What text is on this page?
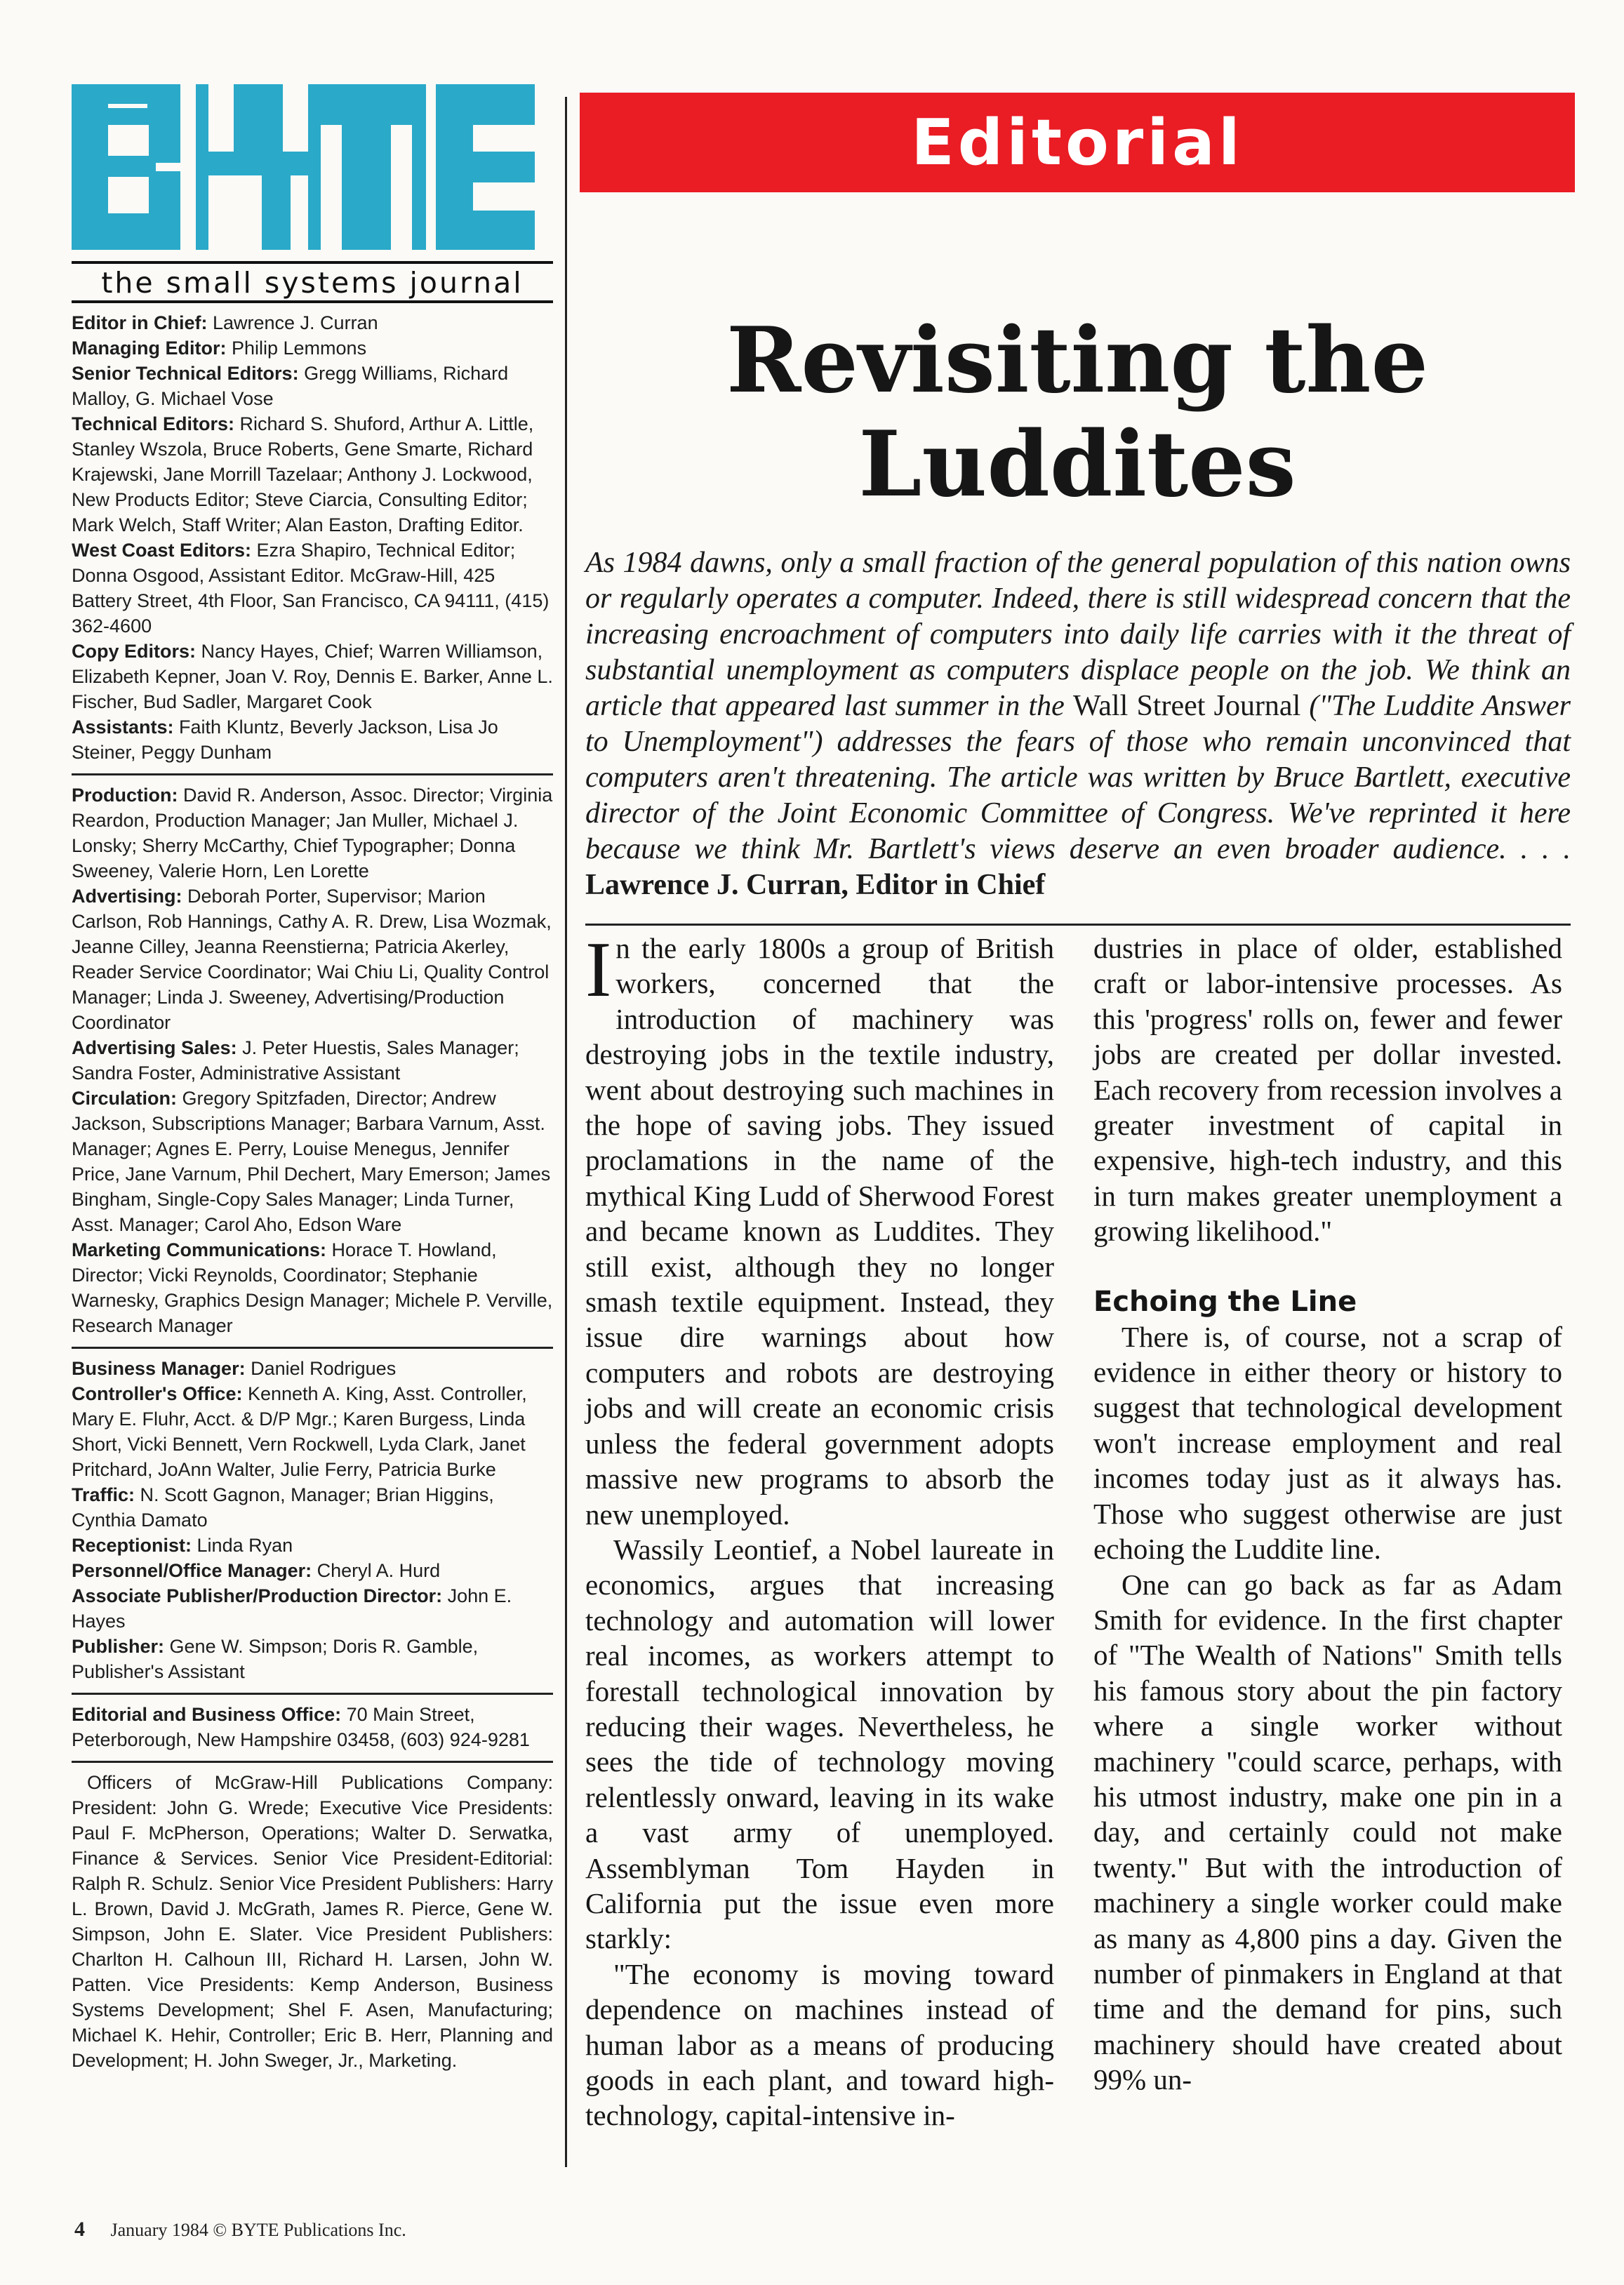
the small systems journal

Editor in Chief: Lawrence J. Curran

Managing Editor: Philip Lemmons

Senior Technical Editors: Gregg Williams, Richard Malloy, G. Michael Vose

Technical Editors: Richard S. Shuford, Arthur A. Little, Stanley Wszola, Bruce Roberts, Gene Smarte, Richard Krajewski, Jane Morrill Tazelaar; Anthony J. Lockwood, New Products Editor; Steve Ciarcia, Consulting Editor; Mark Welch, Staff Writer; Alan Easton, Drafting Editor.

West Coast Editors: Ezra Shapiro, Technical Editor; Donna Osgood, Assistant Editor. McGraw-Hill, 425 Battery Street, 4th Floor, San Francisco, CA 94111, (415) 362-4600

Copy Editors: Nancy Hayes, Chief; Warren Williamson, Elizabeth Kepner, Joan V. Roy, Dennis E. Barker, Anne L. Fischer, Bud Sadler, Margaret Cook

Assistants: Faith Kluntz, Beverly Jackson, Lisa Jo Steiner, Peggy Dunham

Production: David R. Anderson, Assoc. Director; Virginia Reardon, Production Manager; Jan Muller, Michael J. Lonsky; Sherry McCarthy, Chief Typographer; Donna Sweeney, Valerie Horn, Len Lorette

Advertising: Deborah Porter, Supervisor; Marion Carlson, Rob Hannings, Cathy A. R. Drew, Lisa Wozmak, Jeanne Cilley, Jeanna Reenstierna; Patricia Akerley, Reader Service Coordinator; Wai Chiu Li, Quality Control Manager; Linda J. Sweeney, Advertising/Production Coordinator

Advertising Sales: J. Peter Huestis, Sales Manager; Sandra Foster, Administrative Assistant

Circulation: Gregory Spitzfaden, Director; Andrew Jackson, Subscriptions Manager; Barbara Varnum, Asst. Manager; Agnes E. Perry, Louise Menegus, Jennifer Price, Jane Varnum, Phil Dechert, Mary Emerson; James Bingham, Single-Copy Sales Manager; Linda Turner, Asst. Manager; Carol Aho, Edson Ware

Marketing Communications: Horace T. Howland, Director; Vicki Reynolds, Coordinator; Stephanie Warnesky, Graphics Design Manager; Michele P. Verville, Research Manager

Business Manager: Daniel Rodrigues

Controller's Office: Kenneth A. King, Asst. Controller, Mary E. Fluhr, Acct. & D/P Mgr.; Karen Burgess, Linda Short, Vicki Bennett, Vern Rockwell, Lyda Clark, Janet Pritchard, JoAnn Walter, Julie Ferry, Patricia Burke

Traffic: N. Scott Gagnon, Manager; Brian Higgins, Cynthia Damato

Receptionist: Linda Ryan

Personnel/Office Manager: Cheryl A. Hurd

Associate Publisher/Production Director: John E. Hayes

Publisher: Gene W. Simpson; Doris R. Gamble, Publisher's Assistant

Editorial and Business Office: 70 Main Street, Peterborough, New Hampshire 03458, (603) 924-9281

Officers of McGraw-Hill Publications Company: President: John G. Wrede; Executive Vice Presidents: Paul F. McPherson, Operations; Walter D. Serwatka, Finance & Services. Senior Vice President-Editorial: Ralph R. Schulz. Senior Vice President Publishers: Harry L. Brown, David J. McGrath, James R. Pierce, Gene W. Simpson, John E. Slater. Vice President Publishers: Charlton H. Calhoun III, Richard H. Larsen, John W. Patten. Vice Presidents: Kemp Anderson, Business Systems Development; Shel F. Asen, Manufacturing; Michael K. Hehir, Controller; Eric B. Herr, Planning and Development; H. John Sweger, Jr., Marketing.
Editorial
Revisiting the
Luddites
As 1984 dawns, only a small fraction of the general population of this nation owns or regularly operates a computer. Indeed, there is still widespread concern that the increasing encroachment of computers into daily life carries with it the threat of substantial unemployment as computers displace people on the job. We think an article that appeared last summer in the Wall Street Journal ("The Luddite Answer to Unemployment") addresses the fears of those who remain unconvinced that computers aren't threatening. The article was written by Bruce Bartlett, executive director of the Joint Economic Committee of Congress. We've reprinted it here because we think Mr. Bartlett's views deserve an even broader audience. . . . Lawrence J. Curran, Editor in Chief

In the early 1800s a group of British workers, concerned that the introduction of machinery was destroying jobs in the textile industry, went about destroying such machines in the hope of saving jobs. They issued proclamations in the name of the mythical King Ludd of Sherwood Forest and became known as Luddites. They still exist, although they no longer smash textile equipment. Instead, they issue dire warnings about how computers and robots are destroying jobs and will create an economic crisis unless the federal government adopts massive new programs to absorb the new unemployed.

Wassily Leontief, a Nobel laureate in economics, argues that increasing technology and automation will lower real incomes, as workers attempt to forestall technological innovation by reducing their wages. Nevertheless, he sees the tide of technology moving relentlessly onward, leaving in its wake a vast army of unemployed. Assemblyman Tom Hayden in California put the issue even more starkly:

"The economy is moving toward dependence on machines instead of human labor as a means of producing goods in each plant, and toward high-technology, capital-intensive in-

dustries in place of older, established craft or labor-intensive processes. As this 'progress' rolls on, fewer and fewer jobs are created per dollar invested. Each recovery from recession involves a greater investment of capital in expensive, high-tech industry, and this in turn makes greater unemployment a growing likelihood."

Echoing the Line

There is, of course, not a scrap of evidence in either theory or history to suggest that technological development won't increase employment and real incomes today just as it always has. Those who suggest otherwise are just echoing the Luddite line.

One can go back as far as Adam Smith for evidence. In the first chapter of "The Wealth of Nations" Smith tells his famous story about the pin factory where a single worker without machinery "could scarce, perhaps, with his utmost industry, make one pin in a day, and certainly could not make twenty." But with the introduction of machinery a single worker could make as many as 4,800 pins a day. Given the number of pinmakers in England at that time and the demand for pins, such machinery should have created about 99% un-

4 January 1984 © BYTE Publications Inc.
